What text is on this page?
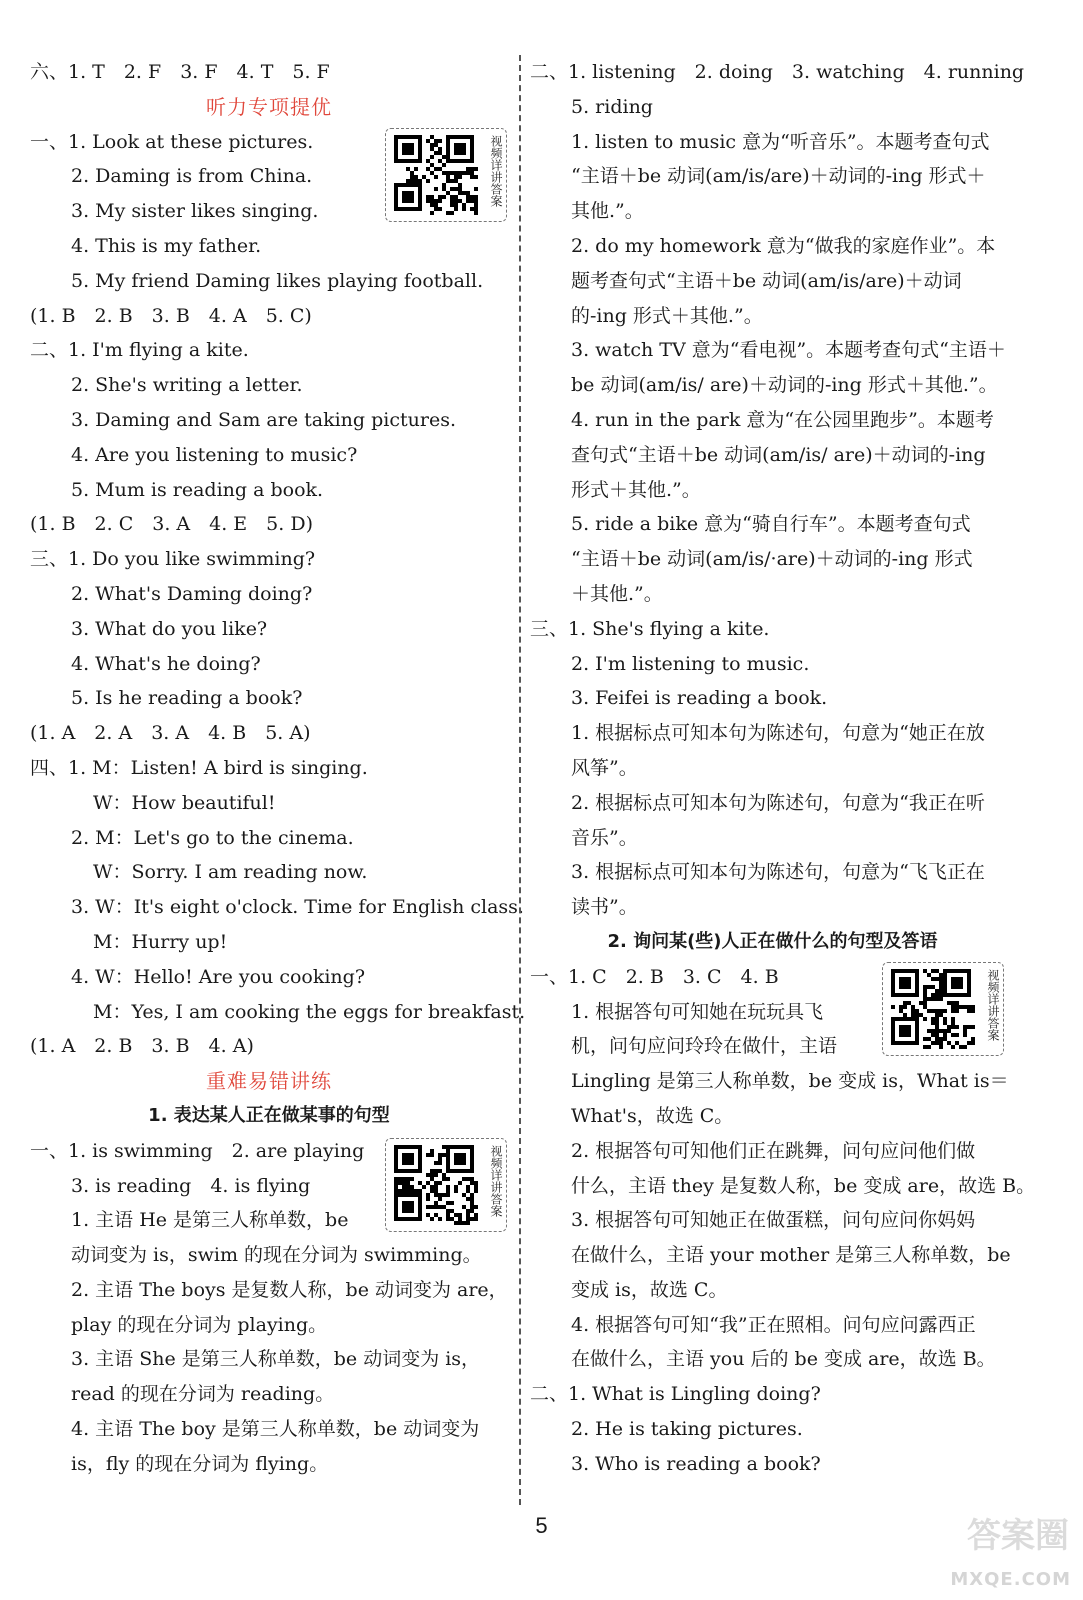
六、1. T　2. F　3. F　4. T　5. F
听力专项提优
一、1. Look at these pictures.
2. Daming is from China.
3. My sister likes singing.
4. This is my father.
5. My friend Daming likes playing football.
(1. B　2. B　3. B　4. A　5. C)
二、1. I'm flying a kite.
2. She's writing a letter.
3. Daming and Sam are taking pictures.
4. Are you listening to music?
5. Mum is reading a book.
(1. B　2. C　3. A　4. E　5. D)
三、1. Do you like swimming?
2. What's Daming doing?
3. What do you like?
4. What's he doing?
5. Is he reading a book?
(1. A　2. A　3. A　4. B　5. A)
四、1. M：Listen! A bird is singing.
W：How beautiful!
2. M：Let's go to the cinema.
W：Sorry. I am reading now.
3. W：It's eight o'clock. Time for English class.
M：Hurry up!
4. W：Hello! Are you cooking?
M：Yes, I am cooking the eggs for breakfast.
(1. A　2. B　3. B　4. A)
重难易错讲练
1. 表达某人正在做某事的句型
一、1. is swimming　2. are playing
3. is reading　4. is flying
1. 主语 He 是第三人称单数，be
动词变为 is，swim 的现在分词为 swimming。
2. 主语 The boys 是复数人称，be 动词变为 are，
play 的现在分词为 playing。
3. 主语 She 是第三人称单数，be 动词变为 is，
read 的现在分词为 reading。
4. 主语 The boy 是第三人称单数，be 动词变为
is，fly 的现在分词为 flying。
二、1. listening　2. doing　3. watching　4. running
5. riding
1. listen to music 意为“听音乐”。本题考查句式
“主语＋be 动词(am/is/are)＋动词的-ing 形式＋
其他.”。
2. do my homework 意为“做我的家庭作业”。本
题考查句式“主语＋be 动词(am/is/are)＋动词
的-ing 形式＋其他.”。
3. watch TV 意为“看电视”。本题考查句式“主语＋
be 动词(am/is/ are)＋动词的-ing 形式＋其他.”。
4. run in the park 意为“在公园里跑步”。本题考
查句式“主语＋be 动词(am/is/ are)＋动词的-ing
形式＋其他.”。
5. ride a bike 意为“骑自行车”。本题考查句式
“主语＋be 动词(am/is/·are)＋动词的-ing 形式
＋其他.”。
三、1. She's flying a kite.
2. I'm listening to music.
3. Feifei is reading a book.
1. 根据标点可知本句为陈述句，句意为“她正在放
风筝”。
2. 根据标点可知本句为陈述句，句意为“我正在听
音乐”。
3. 根据标点可知本句为陈述句，句意为“飞飞正在
读书”。
2. 询问某(些)人正在做什么的句型及答语
一、1. C　2. B　3. C　4. B
1. 根据答句可知她在玩玩具飞
机，问句应问玲玲在做什，主语
Lingling 是第三人称单数，be 变成 is，What is＝
What's，故选 C。
2. 根据答句可知他们正在跳舞，问句应问他们做
什么，主语 they 是复数人称，be 变成 are，故选 B。
3. 根据答句可知她正在做蛋糕，问句应问你妈妈
在做什么，主语 your mother 是第三人称单数，be
变成 is，故选 C。
4. 根据答句可知“我”正在照相。问句应问露西正
在做什么，主语 you 后的 be 变成 are，故选 B。
二、1. What is Lingling doing?
2. He is taking pictures.
3. Who is reading a book?
视频详讲答案
视频详讲答案
视频详讲答案
5	答案圈
MXQE.COM
